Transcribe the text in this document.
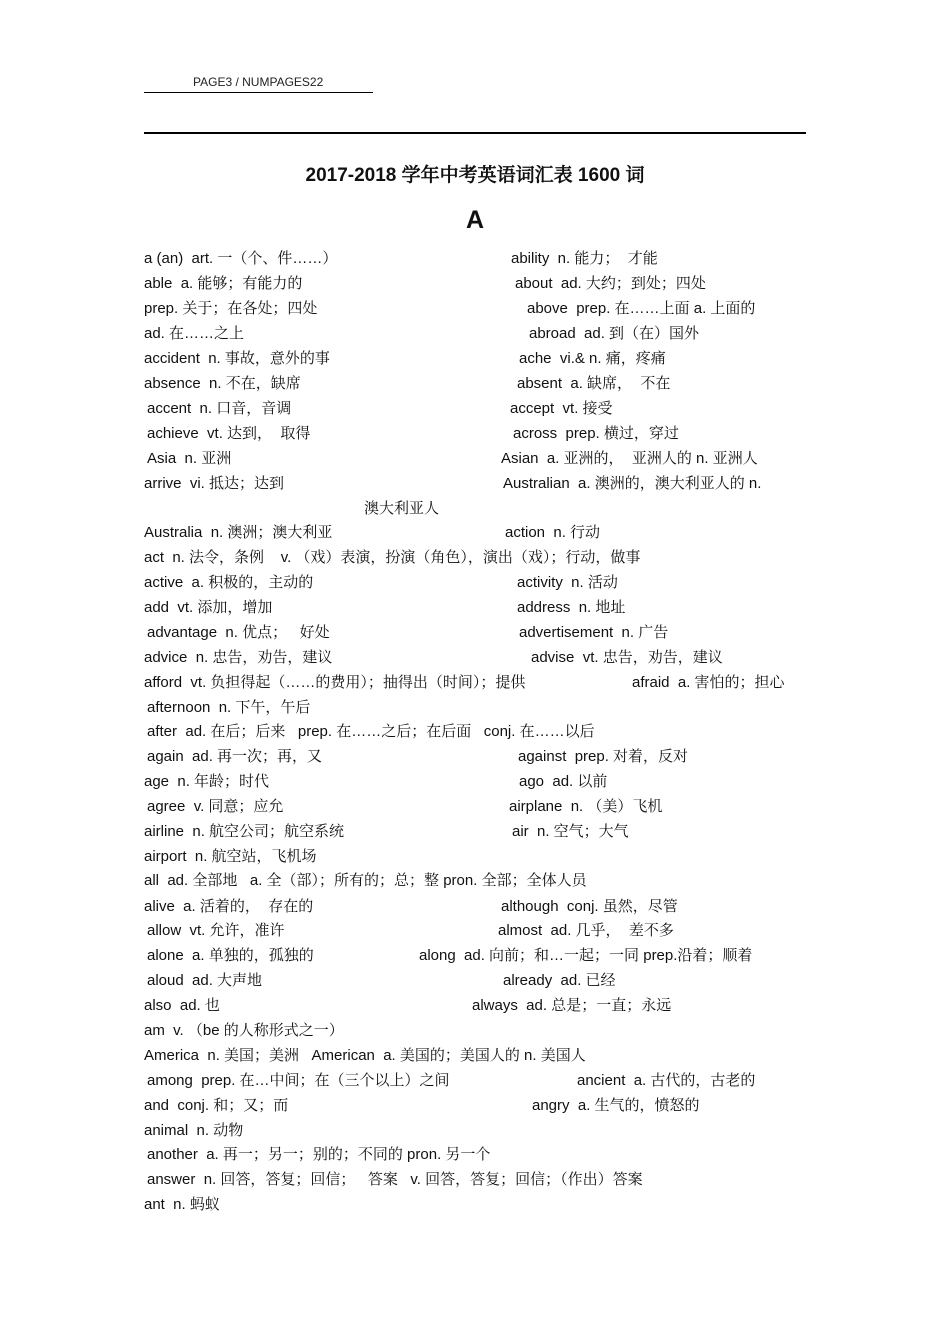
PAGE3 / NUMPAGES22
2017-2018 学年中考英语词汇表 1600 词
A
a (an)  art. 一（个、件……）	ability  n. 能力；  才能
able  a. 能够；有能力的	about  ad. 大约；到处；四处
prep. 关于；在各处；四处	above  prep. 在……上面 a. 上面的
ad. 在……之上	abroad  ad. 到（在）国外
accident  n. 事故，意外的事	ache  vi.& n. 痛，疼痛
absence  n. 不在，缺席	absent  a. 缺席，  不在
accent  n. 口音，音调	accept  vt. 接受
achieve  vt. 达到，  取得	across  prep. 横过，穿过
Asia  n. 亚洲	Asian  a. 亚洲的，  亚洲人的 n. 亚洲人
arrive  vi. 抵达；达到	Australian  a. 澳洲的，澳大利亚人的 n.
澳大利亚人
Australia  n. 澳洲；澳大利亚	action  n. 行动
act  n. 法令，条例    v. （戏）表演，扮演（角色），演出（戏）；行动，做事
active  a. 积极的，主动的	activity  n. 活动
add  vt. 添加，增加	address  n. 地址
advantage  n. 优点；   好处	advertisement  n. 广告
advice  n. 忠告，劝告，建议	advise  vt. 忠告，劝告，建议
afford  vt. 负担得起（……的费用）；抽得出（时间）；提供	afraid  a. 害怕的；担心
afternoon  n. 下午，午后
after  ad. 在后；后来   prep. 在……之后；在后面   conj. 在……以后
again  ad. 再一次；再，又	against  prep. 对着，反对
age  n. 年龄；时代	ago  ad. 以前
agree  v. 同意；应允	airplane  n. （美）飞机
airline  n. 航空公司；航空系统	air  n. 空气；大气
airport  n. 航空站，飞机场
all  ad. 全部地   a. 全（部）；所有的；总；整 pron. 全部；全体人员
alive  a. 活着的，  存在的	although  conj. 虽然，尽管
allow  vt. 允许，准许	almost  ad. 几乎，  差不多
alone  a. 单独的，孤独的	along  ad. 向前；和…一起；一同 prep.沿着；顺着
aloud  ad. 大声地	already  ad. 已经
also  ad. 也	always  ad. 总是；一直；永远
am  v. （be 的人称形式之一）
America  n. 美国；美洲   American  a. 美国的；美国人的 n. 美国人
among  prep. 在…中间；在（三个以上）之间	ancient  a. 古代的，古老的
and  conj. 和；又；而	angry  a. 生气的，愤怒的
animal  n. 动物
another  a. 再一；另一；别的；不同的 pron. 另一个
answer  n. 回答，答复；回信；   答案   v. 回答，答复；回信；（作出）答案
ant  n. 蚂蚁
